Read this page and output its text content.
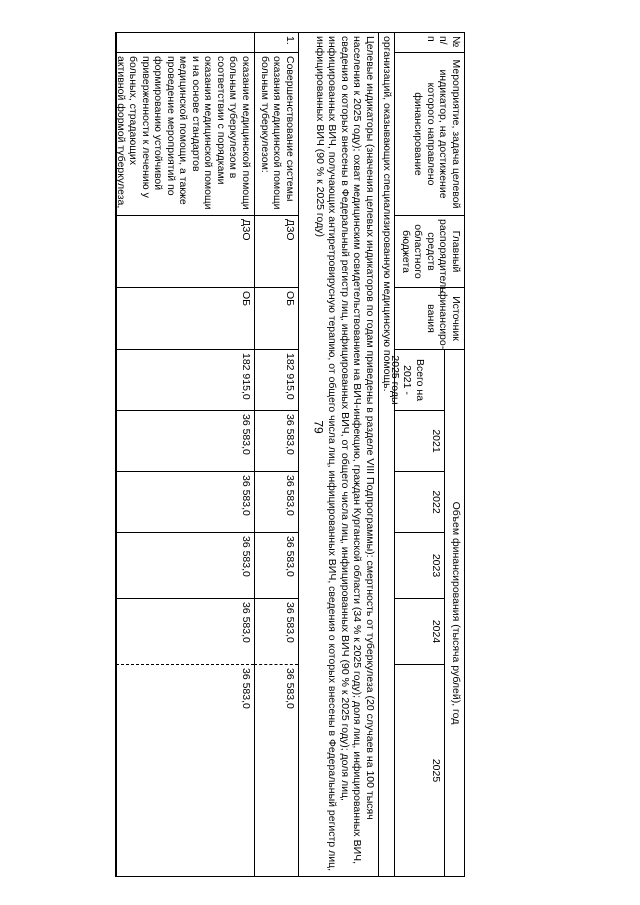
79
№ п/п
Мероприятие, задача целевой индикатор, на достижение которого направлено финансирование
Главный распорядитель средств областного бюджета
Источник финансиро-вания
Объем финансирования (тысяча рублей), год
Всего на 2021 - 2025 годы
2021
2022
2023
2024
2025
организаций, оказывающих специализированную медицинскую помощь.
Целевые индикаторы (значения целевых индикаторов по годам приведены в разделе VIII Подпрограммы): смертность от туберкулеза (20 случаев на 100 тысяч населения к 2025 году); охват медицинским освидетельствованием на ВИЧ-инфекцию, граждан Курганской области (34 % к 2025 году); доля лиц, инфицированных ВИЧ, сведения о которых внесены в Федеральный регистр лиц, инфицированных ВИЧ, от общего числа лиц, инфицированных ВИЧ (90 % к 2025 году); доля лиц, инфицированных ВИЧ, получающих антиретровирусную терапию, от общего числа лиц, инфицированных ВИЧ, сведения о которых внесены в Федеральный регистр лиц, инфицированных ВИЧ (90 % к 2025 году)
1.
Совершенствование системы оказания медицинской помощи больным туберкулезом:
ДЗО
ОБ
182 915,0
36 583,0
36 583,0
36 583,0
36 583,0
36 583,0
оказание медицинской помощи больным туберкулезом в соответствии с порядками оказания медицинской помощи и на основе стандартов медицинской помощи, а также проведение мероприятий по формированию устойчивой приверженности к лечению у больных, страдающих активной формой туберкулеза,
ДЗО
ОБ
182 915,0
36 583,0
36 583,0
36 583,0
36 583,0
36 583,0
